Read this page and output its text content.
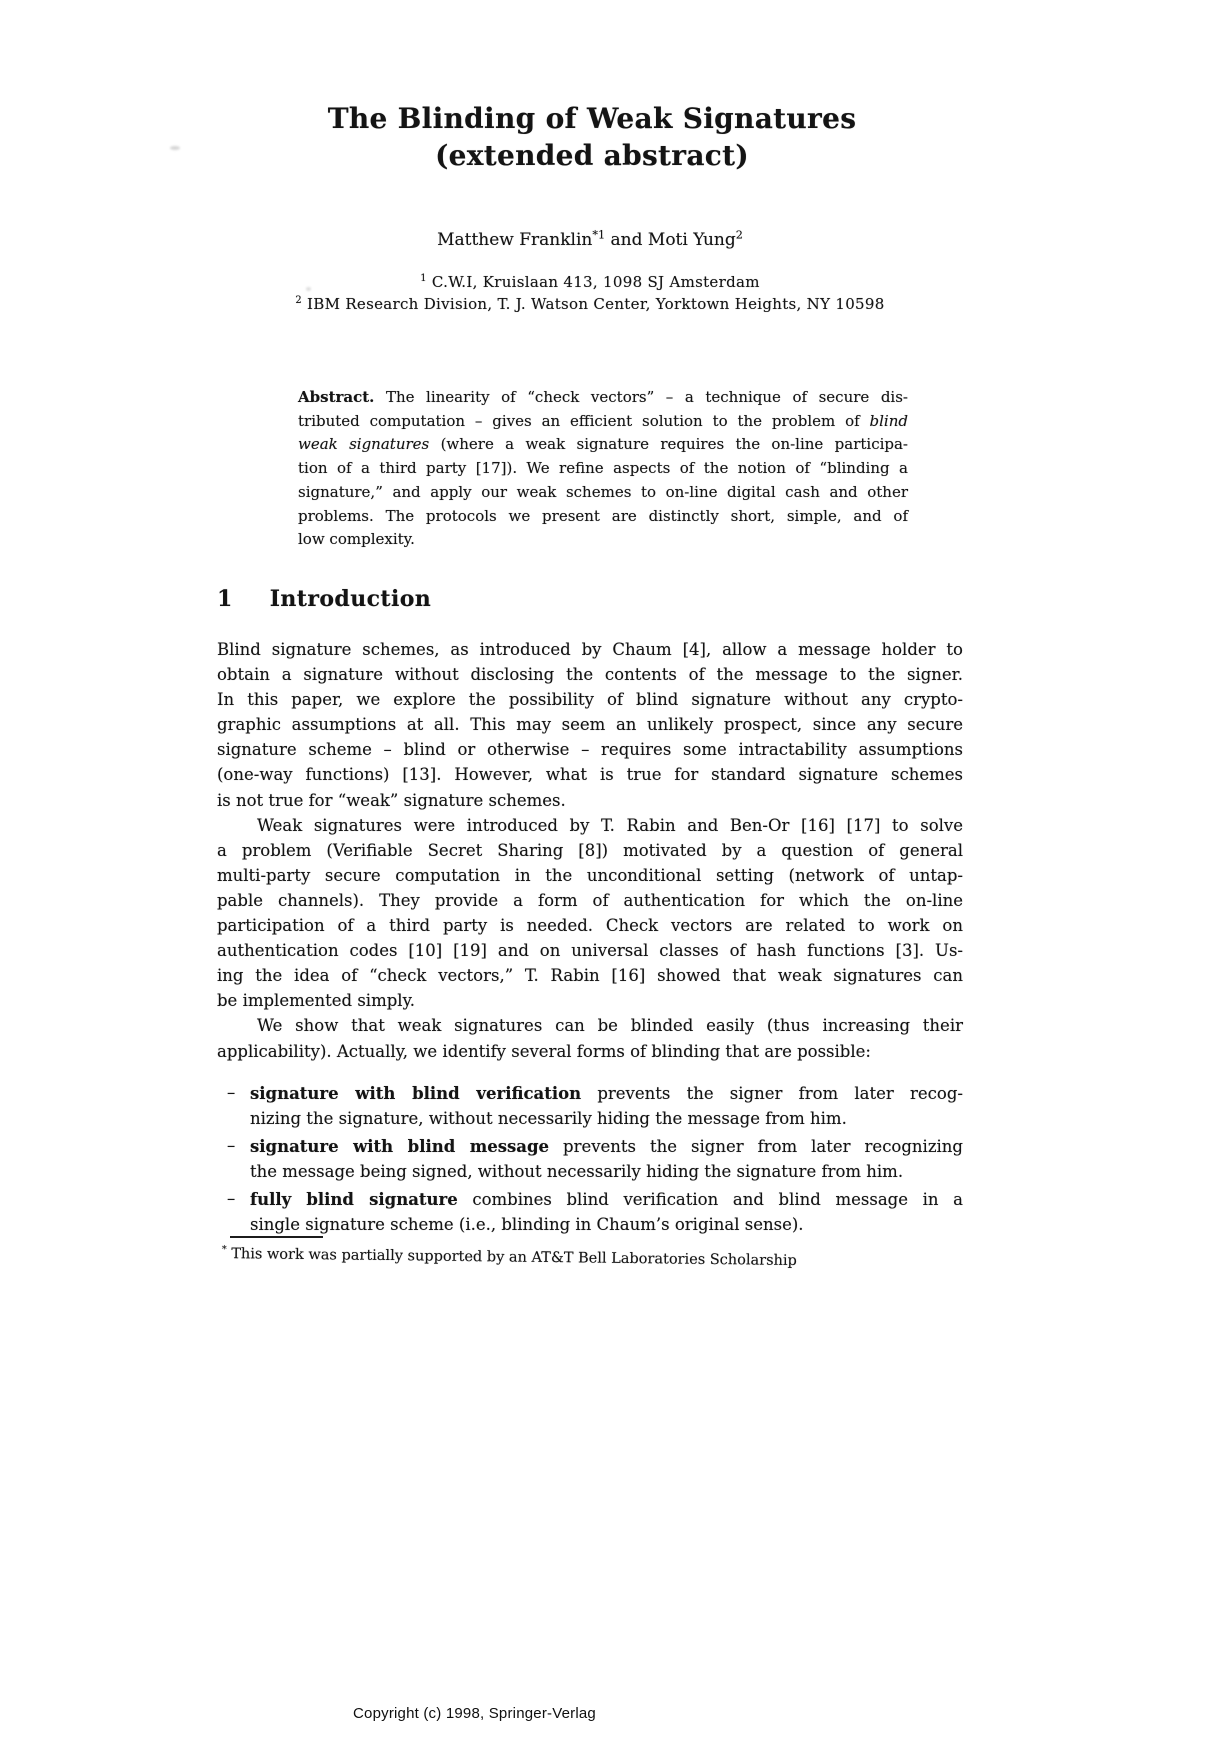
The Blinding of Weak Signatures
(extended abstract)
Matthew Franklin$^{*1}$ and Moti Yung$^2$
$^1$ C.W.I, Kruislaan 413, 1098 SJ Amsterdam
$^2$ IBM Research Division, T. J. Watson Center, Yorktown Heights, NY 10598
Abstract. The linearity of “check vectors” – a technique of secure dis-
tributed computation – gives an efficient solution to the problem of blind
weak signatures (where a weak signature requires the on-line participa-
tion of a third party [17]). We refine aspects of the notion of “blinding a
signature,” and apply our weak schemes to on-line digital cash and other
problems. The protocols we present are distinctly short, simple, and of
low complexity.
1 Introduction
Blind signature schemes, as introduced by Chaum [4], allow a message holder to
obtain a signature without disclosing the contents of the message to the signer.
In this paper, we explore the possibility of blind signature without any crypto-
graphic assumptions at all. This may seem an unlikely prospect, since any secure
signature scheme – blind or otherwise – requires some intractability assumptions
(one-way functions) [13]. However, what is true for standard signature schemes
is not true for “weak” signature schemes.
Weak signatures were introduced by T. Rabin and Ben-Or [16] [17] to solve
a problem (Verifiable Secret Sharing [8]) motivated by a question of general
multi-party secure computation in the unconditional setting (network of untap-
pable channels). They provide a form of authentication for which the on-line
participation of a third party is needed. Check vectors are related to work on
authentication codes [10] [19] and on universal classes of hash functions [3]. Us-
ing the idea of “check vectors,” T. Rabin [16] showed that weak signatures can
be implemented simply.
We show that weak signatures can be blinded easily (thus increasing their
applicability). Actually, we identify several forms of blinding that are possible:
– signature with blind verification prevents the signer from later recog-
nizing the signature, without necessarily hiding the message from him.
– signature with blind message prevents the signer from later recognizing
the message being signed, without necessarily hiding the signature from him.
– fully blind signature combines blind verification and blind message in a
single signature scheme (i.e., blinding in Chaum’s original sense).
* This work was partially supported by an AT&T Bell Laboratories Scholarship
Copyright (c) 1998, Springer-Verlag
